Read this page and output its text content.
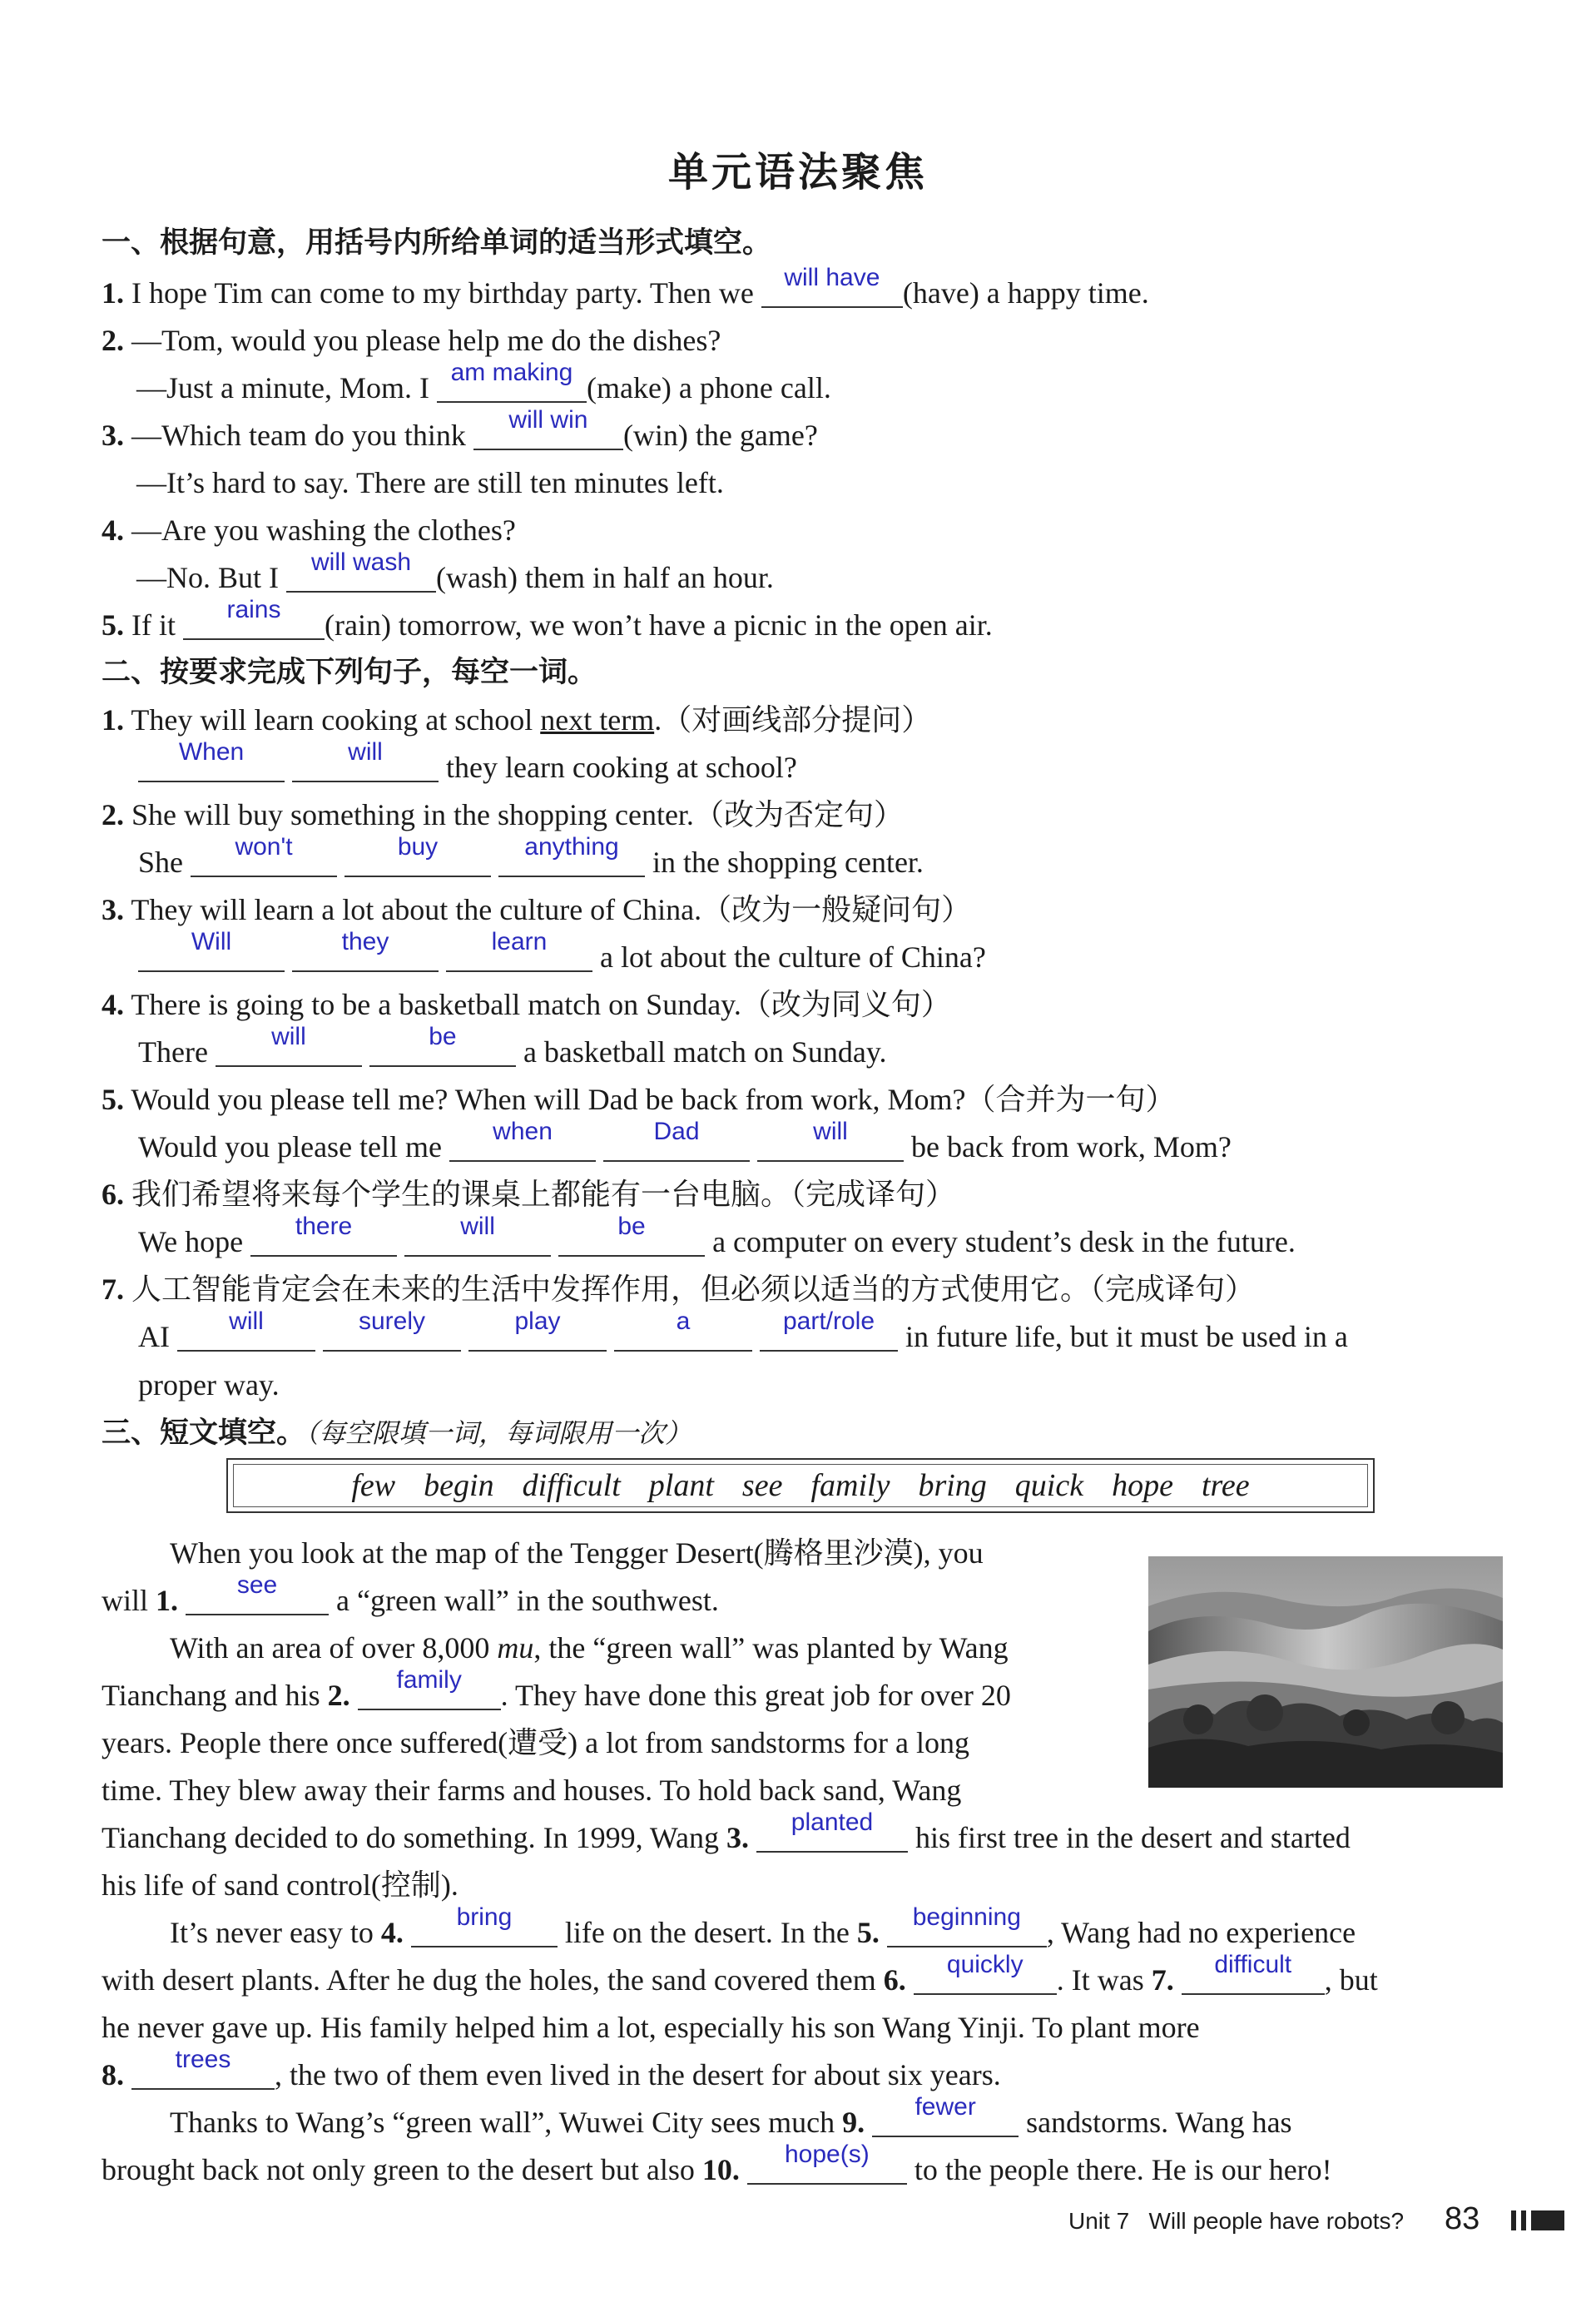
单元语法聚焦
一、根据句意，用括号内所给单词的适当形式填空。
1. I hope Tim can come to my birthday party. Then we	will have (have) a happy time.
2. —Tom, would you please help me do the dishes?
—Just a minute, Mom. I am making (make) a phone call.
3. —Which team do you think	will win	(win) the game?
—It’s hard to say. There are still ten minutes left.
4. —Are you washing the clothes?
—No. But I	will wash (wash) them in half an hour.
5. If it	rains	(rain) tomorrow, we won’t have a picnic in the open air.
二、按要求完成下列句子，每空一词。
1. They will learn cooking at school next term.（对画线部分提问）
When
	will	they learn cooking at school?
2. She will buy something in the shopping center.（改为否定句）
She	won't
	buy
	anything	in the shopping center.
3. They will learn a lot about the culture of China.（改为一般疑问句）
Will
	they
	learn	a lot about the culture of China?
4. There is going to be a basketball match on Sunday.（改为同义句）
There	will
	be	a basketball match on Sunday.
5. Would you please tell me? When will Dad be back from work, Mom?（合并为一句）
Would you please tell me	when
	Dad
	will	be back from work, Mom?
6. 我们希望将来每个学生的课桌上都能有一台电脑。（完成译句）
We hope	there
	will
	be	a computer on every student’s desk in the future.
7. 人工智能肯定会在未来的生活中发挥作用，但必须以适当的方式使用它。（完成译句）
AI	will
	surely
	play
	a
	part/role	in future life, but it must be used in a
proper way.
三、短文填空。（每空限填一词，每词限用一次）
few begin difficult plant see family bring quick hope tree
When you look at the map of the Tengger Desert(腾格里沙漠), you
will 1.	see	a “green wall” in the southwest.
With an area of over 8,000 mu, the “green wall” was planted by Wang
Tianchang and his 2.	family	. They have done this great job for over 20
years. People there once suffered(遭受) a lot from sandstorms for a long
time. They blew away their farms and houses. To hold back sand, Wang
Tianchang decided to do something. In 1999, Wang 3.	planted	his first tree in the desert and started
his life of sand control(控制).
It’s never easy to 4.	bring	life on the desert. In the 5.	beginning , Wang had no experience
with desert plants. After he dug the holes, the sand covered them 6.	quickly	. It was 7.	difficult	, but
he never gave up. His family helped him a lot, especially his son Wang Yinji. To plant more
8.	trees	, the two of them even lived in the desert for about six years.
Thanks to Wang’s “green wall”, Wuwei City sees much 9.	fewer	sandstorms. Wang has
brought back not only green to the desert but also 10.	hope(s)	to the people there. He is our hero!
Unit 7 Will people have robots? 83
